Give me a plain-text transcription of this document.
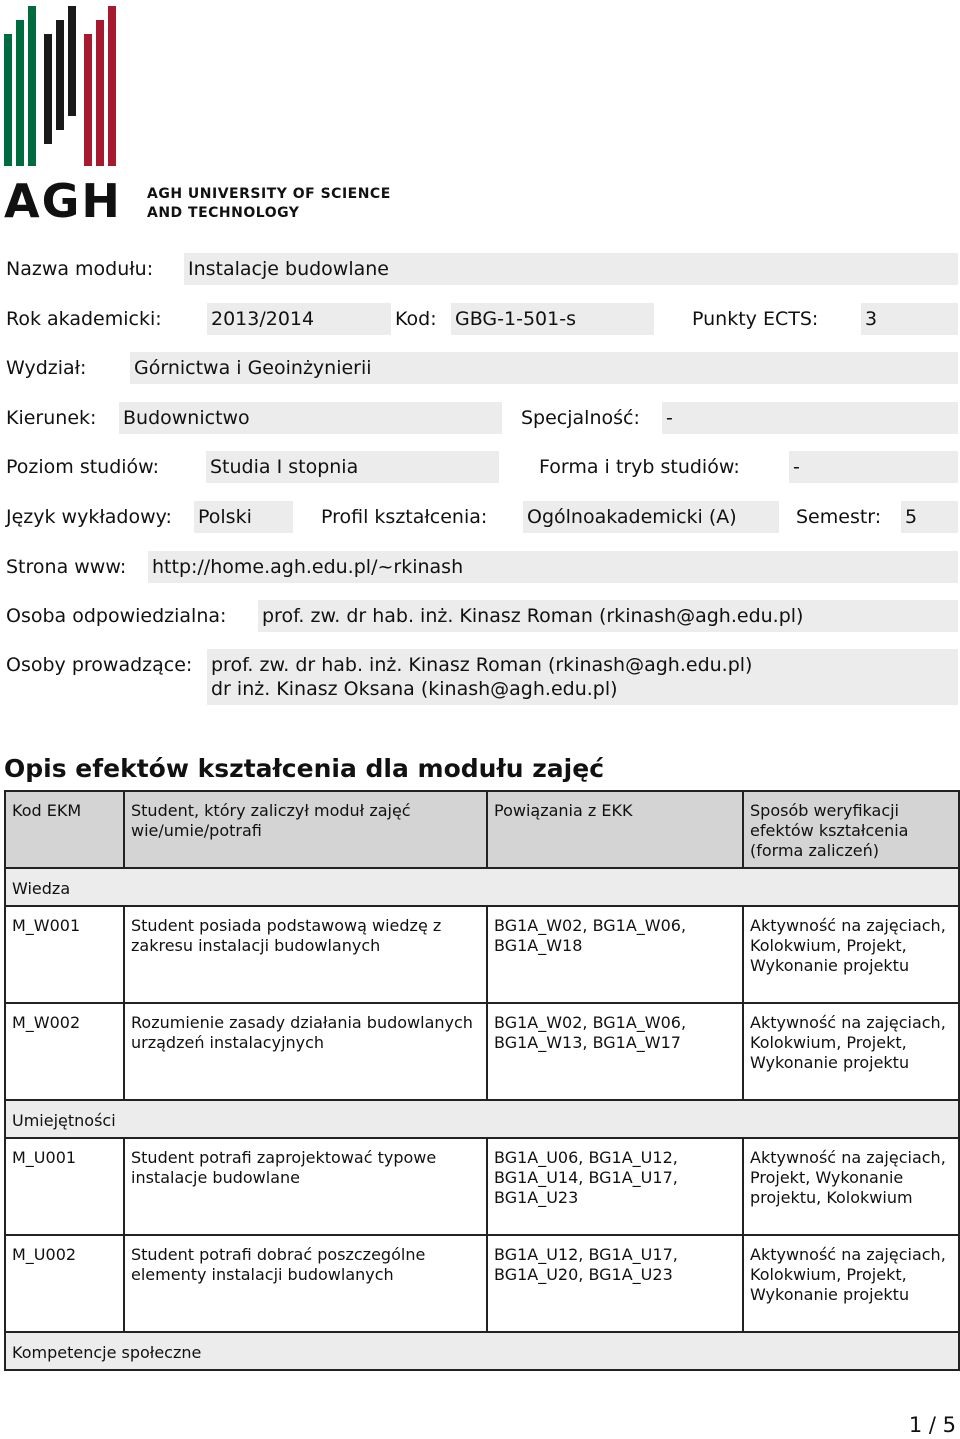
AGH AGH UNIVERSITY OF SCIENCE
AND TECHNOLOGY
Nazwa modułu: Instalacje budowlane
Rok akademicki:	2013/2014	Kod: GBG-1-501-s	Punkty ECTS: 3
Wydział:	Górnictwa i Geoinżynierii
Kierunek: Budownictwo	Specjalność: -
Poziom studiów:	Studia I stopnia	Forma i tryb studiów:	-
Język wykładowy: Polski	Profil kształcenia: Ogólnoakademicki (A)	Semestr: 5
Strona www: http://home.agh.edu.pl/~rkinash
Osoba odpowiedzialna: prof. zw. dr hab. inż. Kinasz Roman (rkinash@agh.edu.pl)
Osoby prowadzące: prof. zw. dr hab. inż. Kinasz Roman (rkinash@agh.edu.pl)
dr inż. Kinasz Oksana (kinash@agh.edu.pl)
Opis efektów kształcenia dla modułu zajęć
Kod EKM	Student, który zaliczył moduł zajęć wie/umie/potrafi	Powiązania z EKK	Sposób weryfikacji efektów kształcenia (forma zaliczeń)
Wiedza			
M_W001	Student posiada podstawową wiedzę z zakresu instalacji budowlanych	BG1A_W02, BG1A_W06, BG1A_W18	Aktywność na zajęciach, Kolokwium, Projekt, Wykonanie projektu
M_W002	Rozumienie zasady działania budowlanych urządzeń instalacyjnych	BG1A_W02, BG1A_W06, BG1A_W13, BG1A_W17	Aktywność na zajęciach, Kolokwium, Projekt, Wykonanie projektu
Umiejętności			
M_U001	Student potrafi zaprojektować typowe instalacje budowlane	BG1A_U06, BG1A_U12, BG1A_U14, BG1A_U17, BG1A_U23	Aktywność na zajęciach, Projekt, Wykonanie projektu, Kolokwium
M_U002	Student potrafi dobrać poszczególne elementy instalacji budowlanych	BG1A_U12, BG1A_U17, BG1A_U20, BG1A_U23	Aktywność na zajęciach, Kolokwium, Projekt, Wykonanie projektu
Kompetencje społeczne			
1 / 5
